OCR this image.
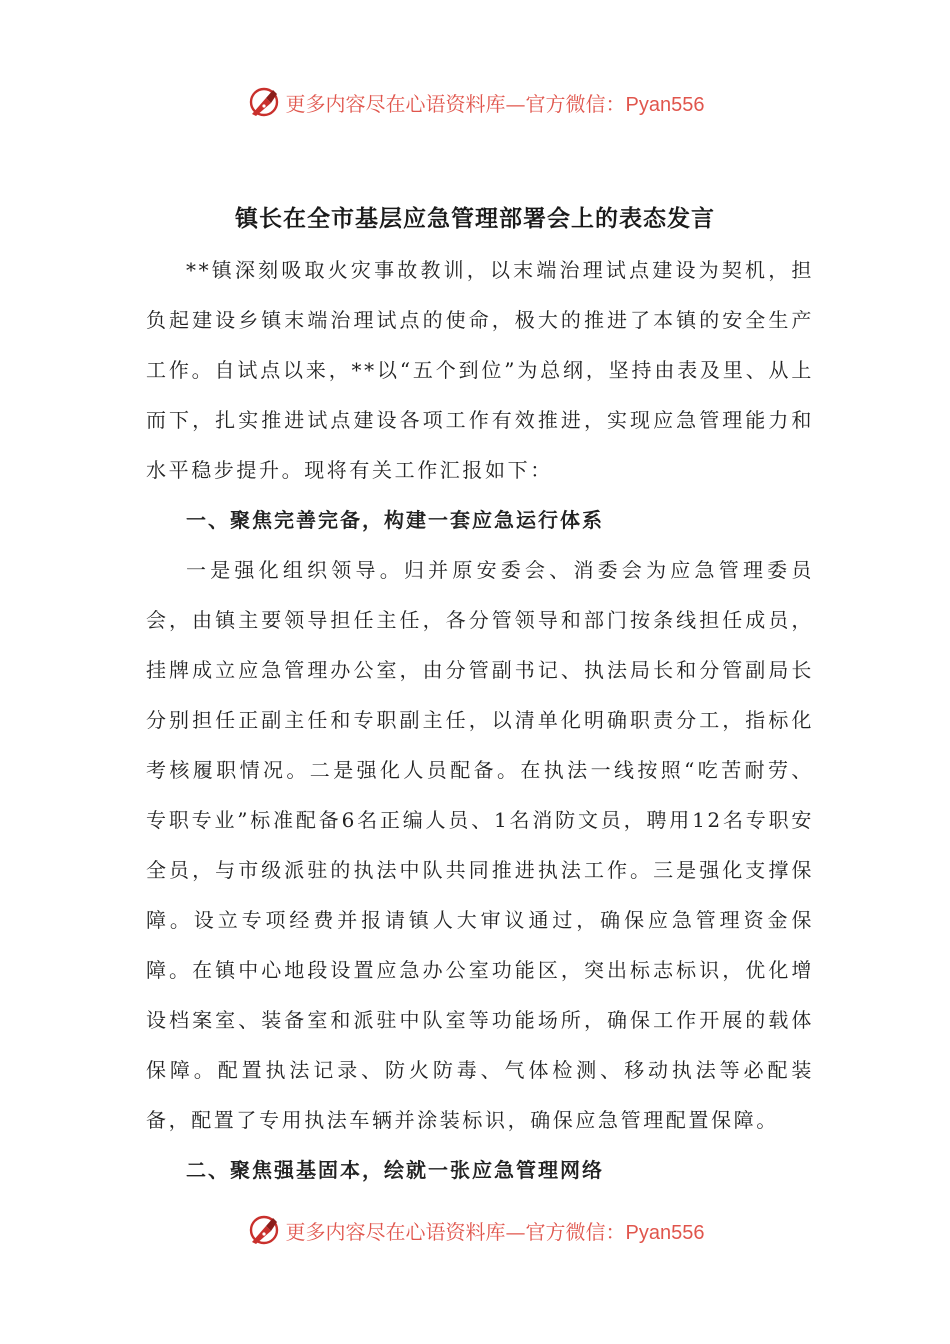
更多内容尽在心语资料库—官方微信：Pyan556
镇长在全市基层应急管理部署会上的表态发言

**镇深刻吸取火灾事故教训，以末端治理试点建设为契机，担负起建设乡镇末端治理试点的使命，极大的推进了本镇的安全生产工作。自试点以来，**以“五个到位”为总纲，坚持由表及里、从上而下，扎实推进试点建设各项工作有效推进，实现应急管理能力和水平稳步提升。现将有关工作汇报如下：

一、聚焦完善完备，构建一套应急运行体系

一是强化组织领导。归并原安委会、消委会为应急管理委员会，由镇主要领导担任主任，各分管领导和部门按条线担任成员，挂牌成立应急管理办公室，由分管副书记、执法局长和分管副局长分别担任正副主任和专职副主任，以清单化明确职责分工，指标化考核履职情况。二是强化人员配备。在执法一线按照“吃苦耐劳、专职专业”标准配备6名正编人员、1名消防文员，聘用12名专职安全员，与市级派驻的执法中队共同推进执法工作。三是强化支撑保障。设立专项经费并报请镇人大审议通过，确保应急管理资金保障。在镇中心地段设置应急办公室功能区，突出标志标识，优化增设档案室、装备室和派驻中队室等功能场所，确保工作开展的载体保障。配置执法记录、防火防毒、气体检测、移动执法等必配装备，配置了专用执法车辆并涂装标识，确保应急管理配置保障。

二、聚焦强基固本，绘就一张应急管理网络

更多内容尽在心语资料库—官方微信：Pyan556
